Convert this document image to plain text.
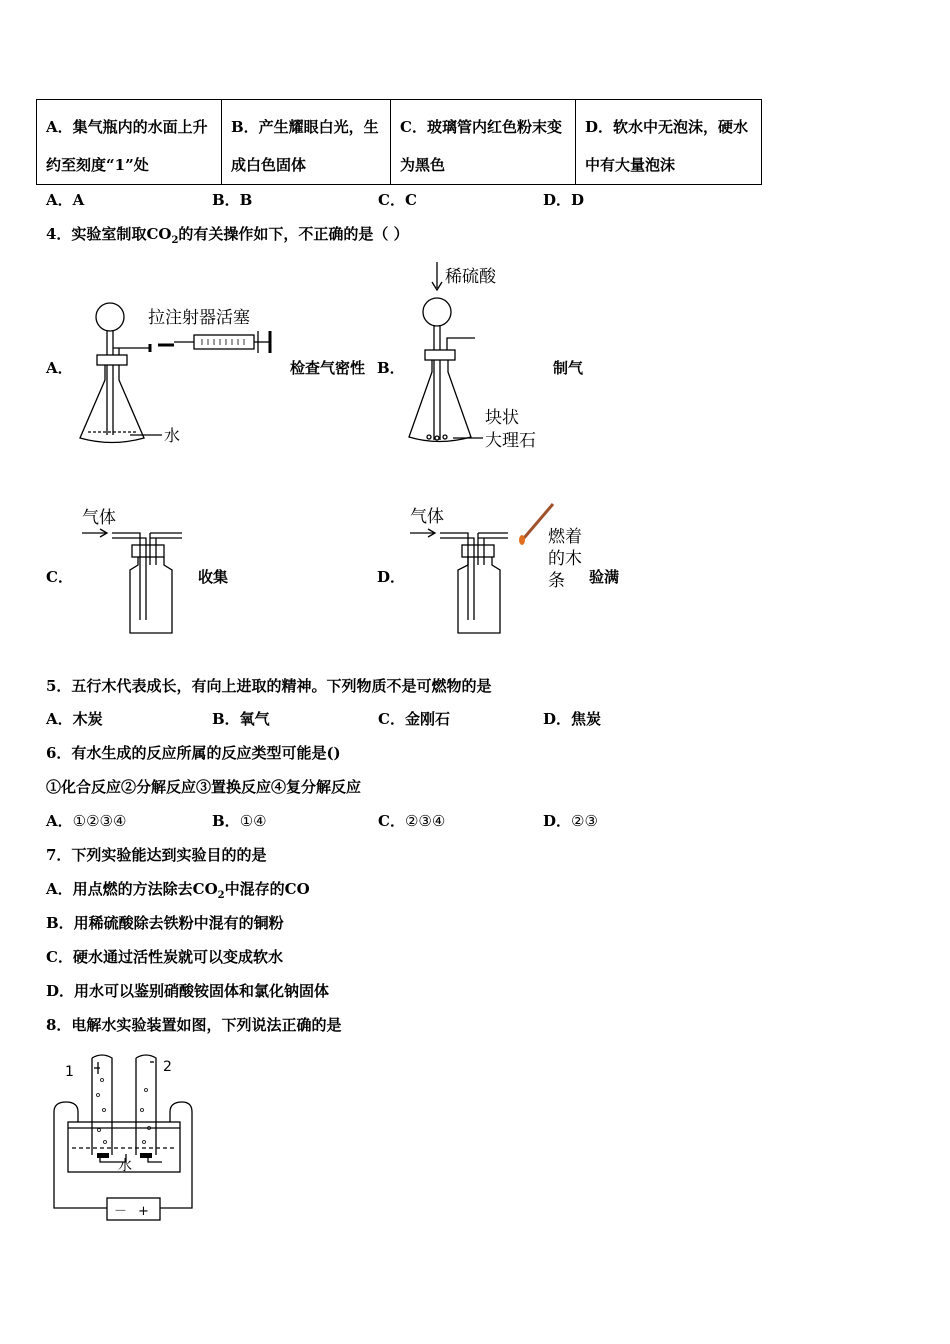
A．集气瓶内的水面上升约至刻度“1”处	B．产生耀眼白光，生成白色固体	C．玻璃管内红色粉末变为黑色	D．软水中无泡沫，硬水中有大量泡沫
A．A	B．B	C．C	D．D
4．实验室制取$CO_2$的有关操作如下，不正确的是（ ）
A．	检查气密性 B．	制气
C．	收集	D．	验满
拉注射器活塞
水
稀硫酸
块状
大理石
气体	气体
燃着
的木
条
5．五行木代表成长，有向上进取的精神。下列物质不是可燃物的是
A．木炭	B．氧气	C．金刚石	D．焦炭
6．有水生成的反应所属的反应类型可能是()
①化合反应②分解反应③置换反应④复分解反应
A．①②③④	B．①④	C．②③④	D．②③
7．下列实验能达到实验目的的是
A．用点燃的方法除去$CO_2$中混存的CO
B．用稀硫酸除去铁粉中混有的铜粉
C．硬水通过活性炭就可以变成软水
D．用水可以鉴别硝酸铵固体和氯化钠固体
8．电解水实验装置如图，下列说法正确的是
1	2
水
－ +
